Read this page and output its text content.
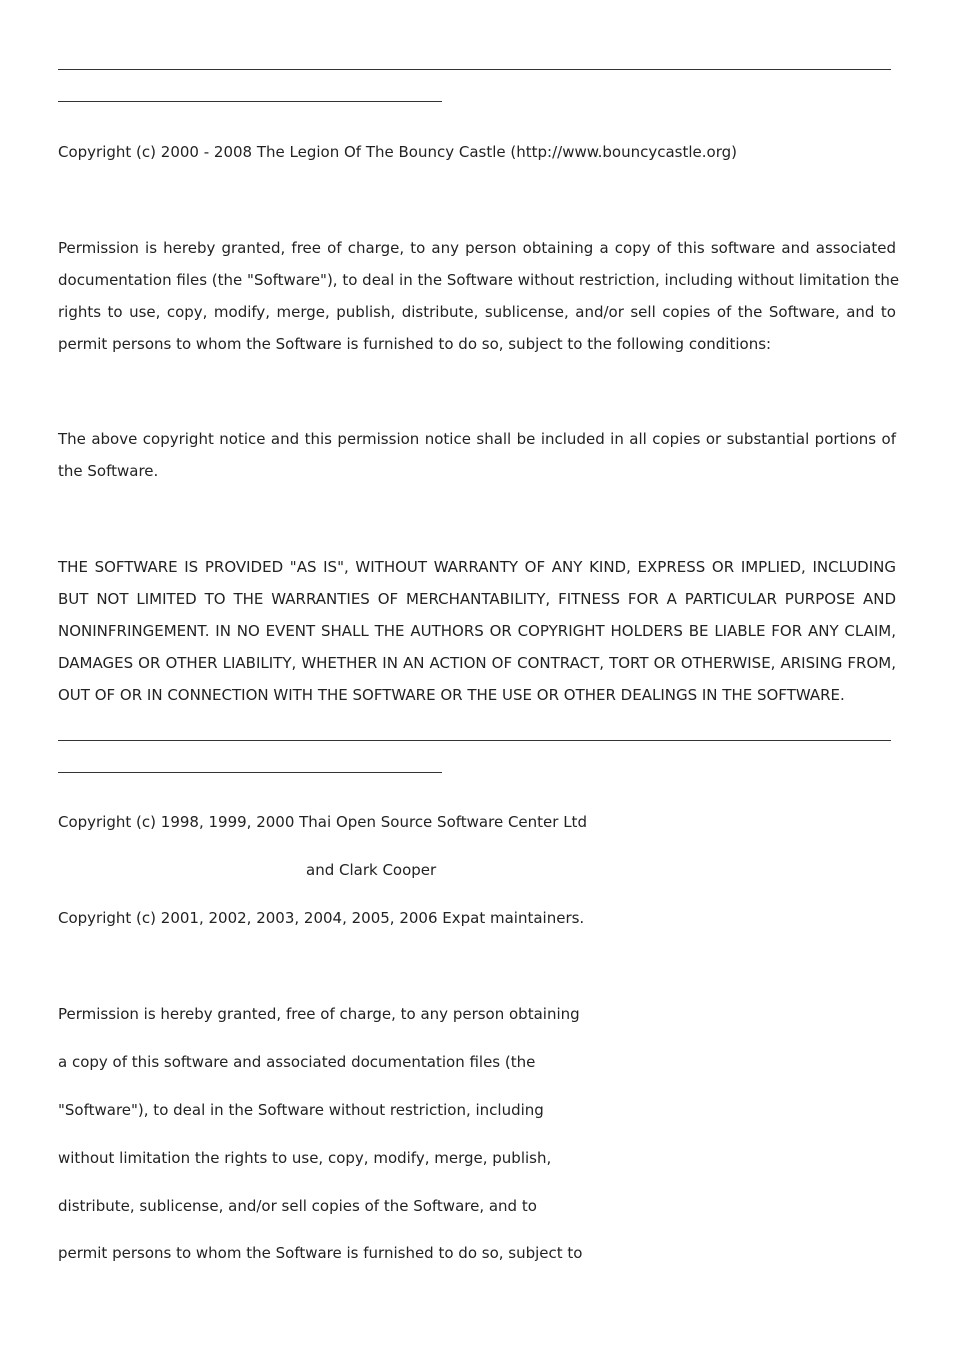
Copyright (c) 2000 - 2008 The Legion Of The Bouncy Castle (http://www.bouncycastle.org)
Permission is hereby granted, free of charge, to any person obtaining a copy of this software and associated
documentation files (the "Software"), to deal in the Software without restriction, including without limitation the
rights to use, copy, modify, merge, publish, distribute, sublicense, and/or sell copies of the Software, and to
permit persons to whom the Software is furnished to do so, subject to the following conditions:
The above copyright notice and this permission notice shall be included in all copies or substantial portions of
the Software.
THE SOFTWARE IS PROVIDED "AS IS", WITHOUT WARRANTY OF ANY KIND, EXPRESS OR IMPLIED, INCLUDING
BUT NOT LIMITED TO THE WARRANTIES OF MERCHANTABILITY, FITNESS FOR A PARTICULAR PURPOSE AND
NONINFRINGEMENT. IN NO EVENT SHALL THE AUTHORS OR COPYRIGHT HOLDERS BE LIABLE FOR ANY CLAIM,
DAMAGES OR OTHER LIABILITY, WHETHER IN AN ACTION OF CONTRACT, TORT OR OTHERWISE, ARISING FROM,
OUT OF OR IN CONNECTION WITH THE SOFTWARE OR THE USE OR OTHER DEALINGS IN THE SOFTWARE.
Copyright (c) 1998, 1999, 2000 Thai Open Source Software Center Ltd
and Clark Cooper
Copyright (c) 2001, 2002, 2003, 2004, 2005, 2006 Expat maintainers.
Permission is hereby granted, free of charge, to any person obtaining
a copy of this software and associated documentation files (the
"Software"), to deal in the Software without restriction, including
without limitation the rights to use, copy, modify, merge, publish,
distribute, sublicense, and/or sell copies of the Software, and to
permit persons to whom the Software is furnished to do so, subject to
